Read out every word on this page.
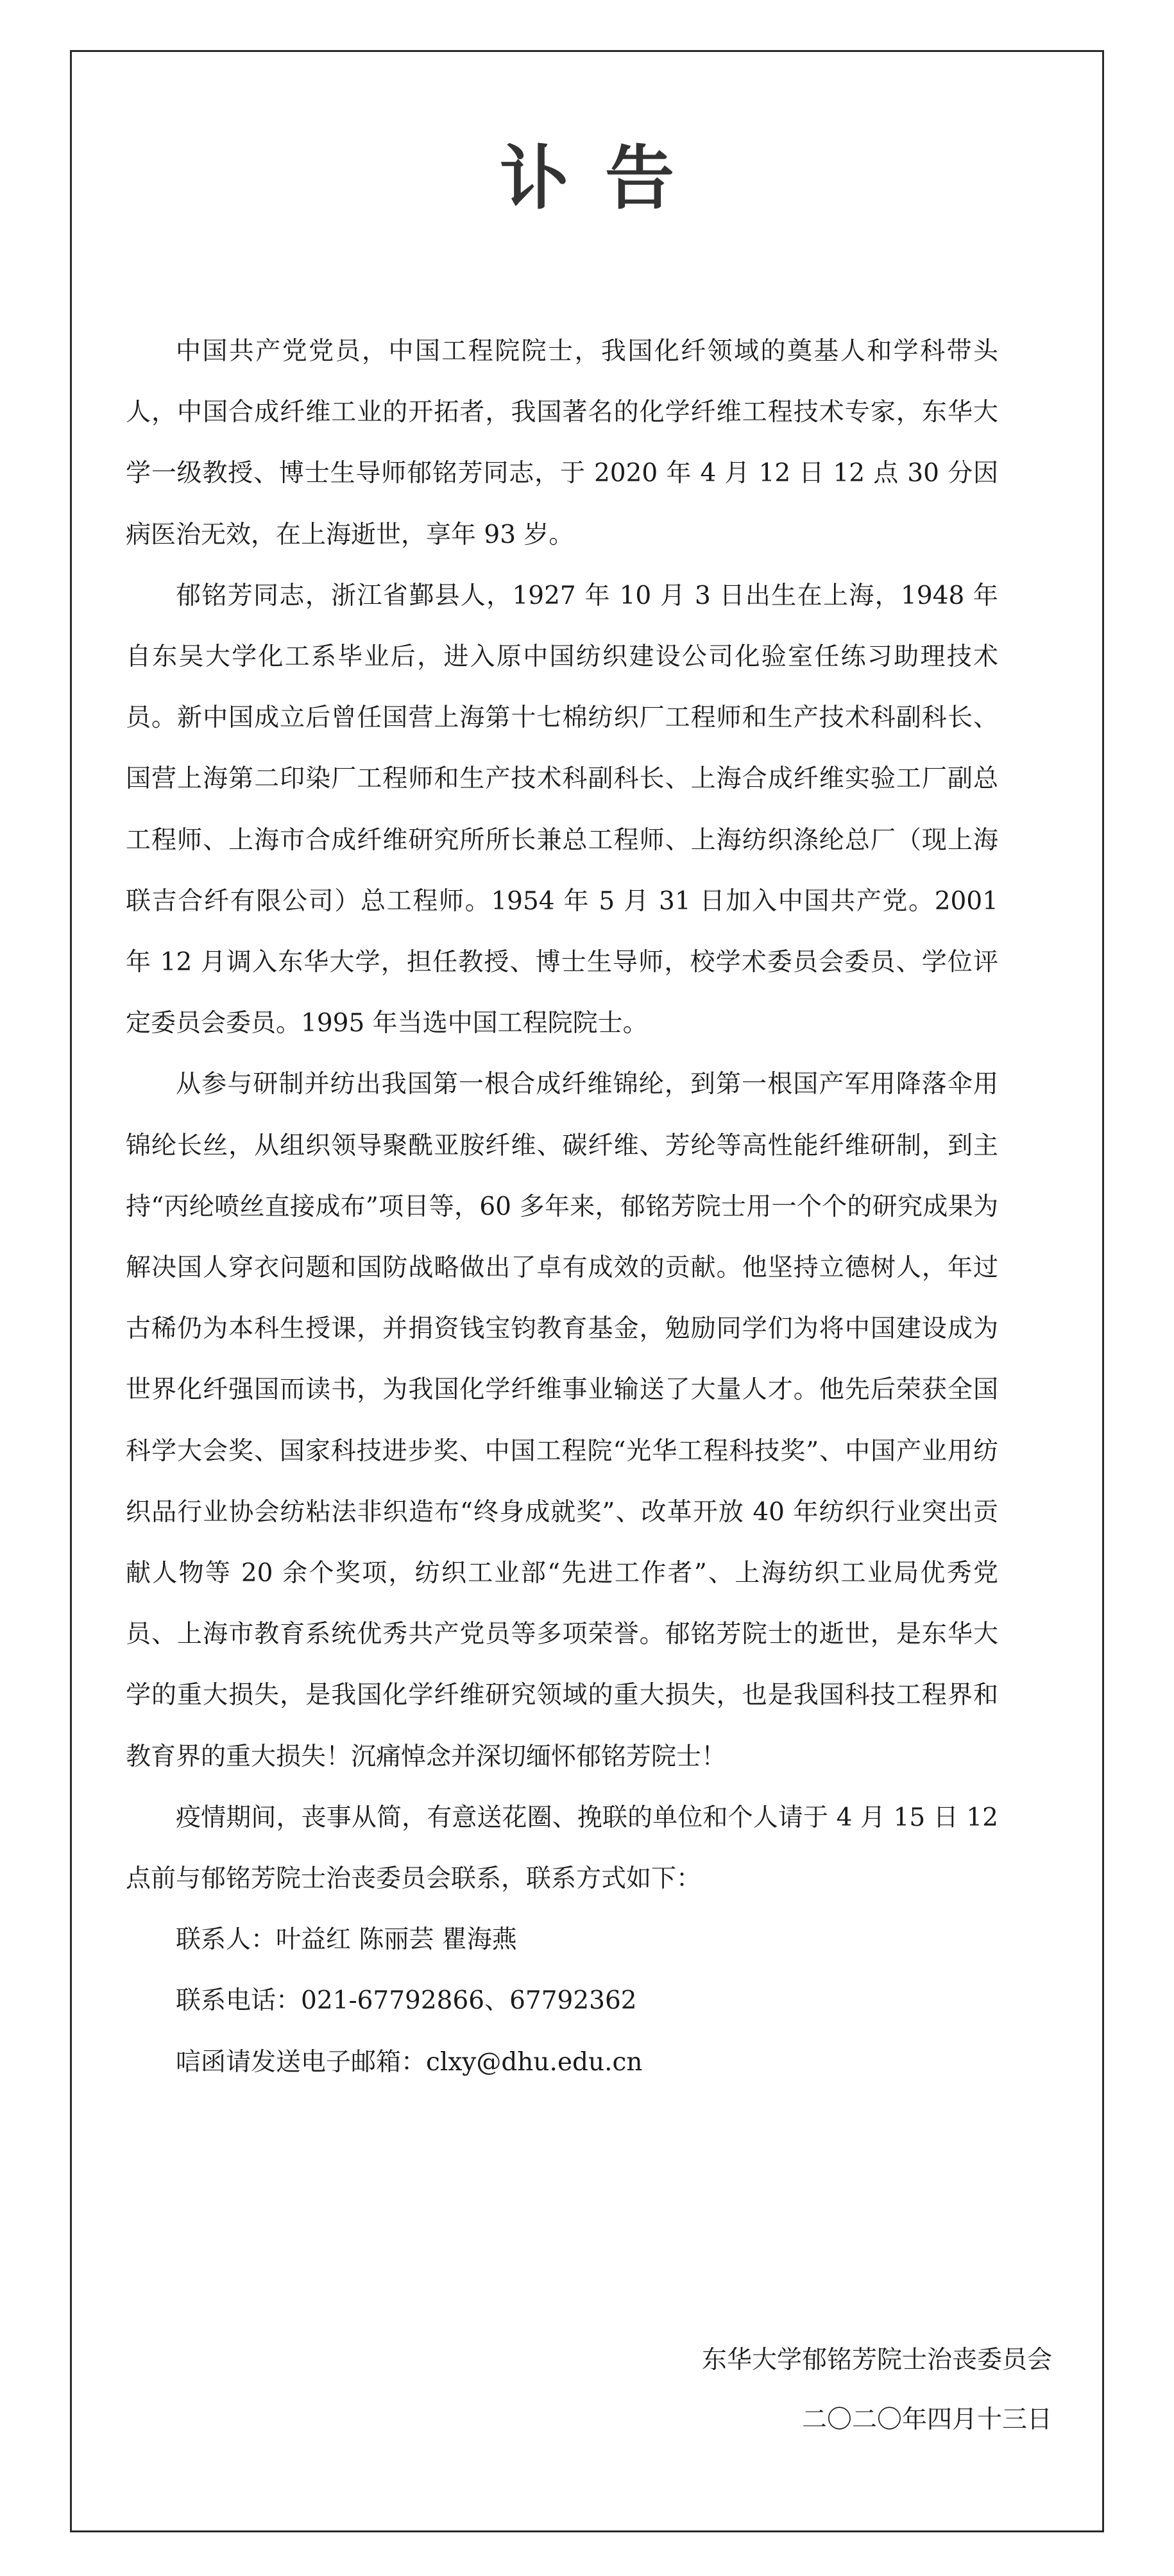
讣告

中国共产党党员，中国工程院院士，我国化纤领域的奠基人和学科带头人，中国合成纤维工业的开拓者，我国著名的化学纤维工程技术专家，东华大学一级教授、博士生导师郁铭芳同志，于 2020 年 4 月 12 日 12 点 30 分因病医治无效，在上海逝世，享年 93 岁。

郁铭芳同志，浙江省鄞县人，1927 年 10 月 3 日出生在上海，1948 年自东吴大学化工系毕业后，进入原中国纺织建设公司化验室任练习助理技术员。新中国成立后曾任国营上海第十七棉纺织厂工程师和生产技术科副科长、国营上海第二印染厂工程师和生产技术科副科长、上海合成纤维实验工厂副总工程师、上海市合成纤维研究所所长兼总工程师、上海纺织涤纶总厂（现上海联吉合纤有限公司）总工程师。1954 年 5 月 31 日加入中国共产党。2001 年 12 月调入东华大学，担任教授、博士生导师，校学术委员会委员、学位评定委员会委员。1995 年当选中国工程院院士。

从参与研制并纺出我国第一根合成纤维锦纶，到第一根国产军用降落伞用锦纶长丝，从组织领导聚酰亚胺纤维、碳纤维、芳纶等高性能纤维研制，到主持“丙纶喷丝直接成布”项目等，60 多年来，郁铭芳院士用一个个的研究成果为解决国人穿衣问题和国防战略做出了卓有成效的贡献。他坚持立德树人，年过古稀仍为本科生授课，并捐资钱宝钧教育基金，勉励同学们为将中国建设成为世界化纤强国而读书，为我国化学纤维事业输送了大量人才。他先后荣获全国科学大会奖、国家科技进步奖、中国工程院“光华工程科技奖”、中国产业用纺织品行业协会纺粘法非织造布“终身成就奖”、改革开放 40 年纺织行业突出贡献人物等 20 余个奖项，纺织工业部“先进工作者”、上海纺织工业局优秀党员、上海市教育系统优秀共产党员等多项荣誉。郁铭芳院士的逝世，是东华大学的重大损失，是我国化学纤维研究领域的重大损失，也是我国科技工程界和教育界的重大损失！沉痛悼念并深切缅怀郁铭芳院士！

疫情期间，丧事从简，有意送花圈、挽联的单位和个人请于 4 月 15 日 12 点前与郁铭芳院士治丧委员会联系，联系方式如下：

联系人：叶益红 陈丽芸 瞿海燕

联系电话：021-67792866、67792362

唁函请发送电子邮箱：clxy@dhu.edu.cn

东华大学郁铭芳院士治丧委员会
二〇二〇年四月十三日
